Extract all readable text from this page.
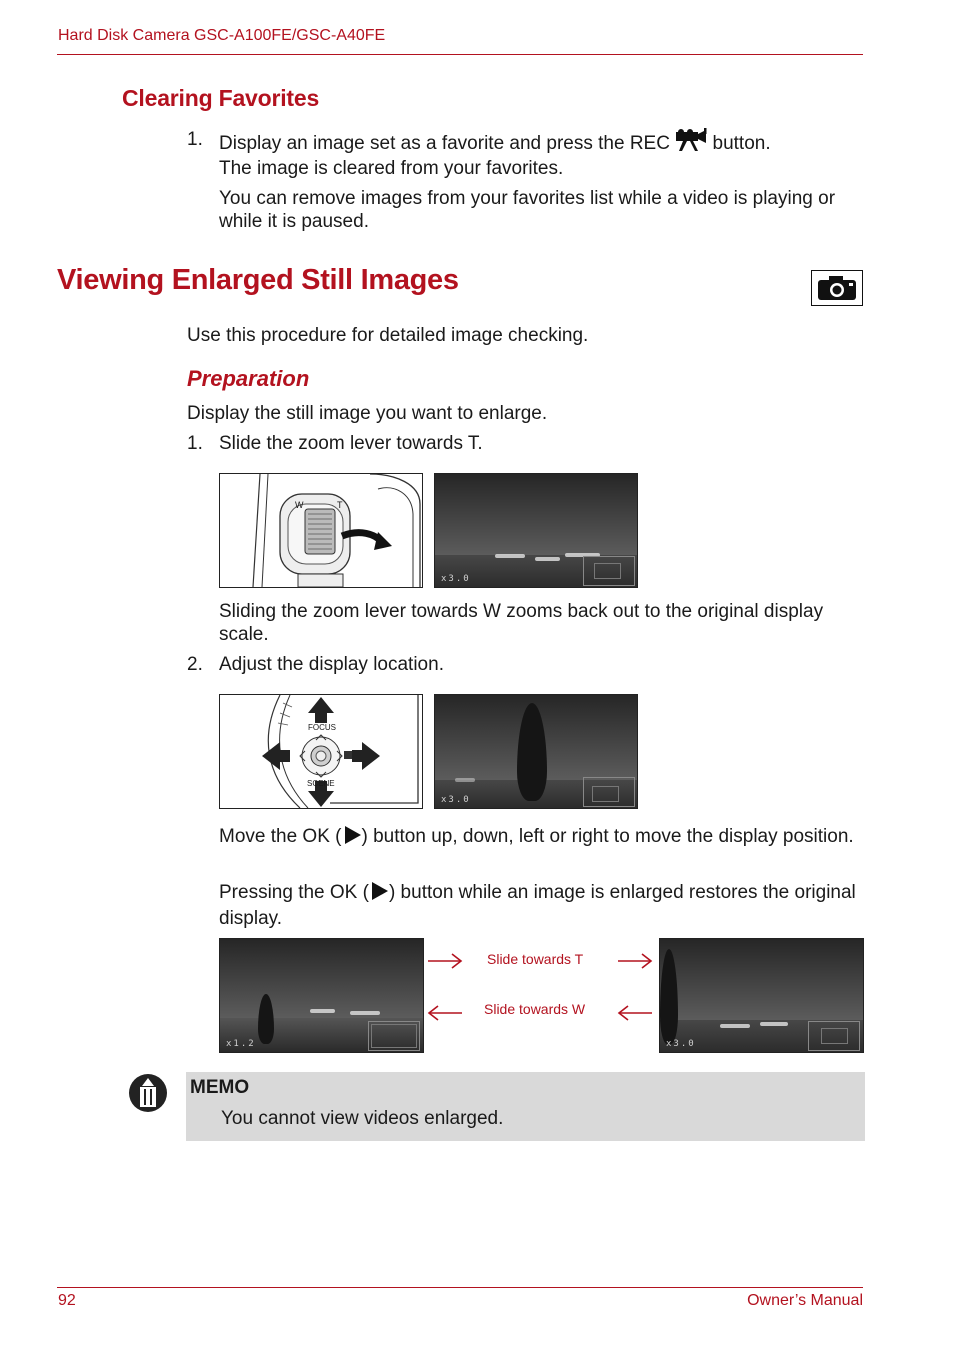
Hard Disk Camera GSC-A100FE/GSC-A40FE
Clearing Favorites
1. Display an image set as a favorite and press the REC button.
The image is cleared from your favorites.
You can remove images from your favorites list while a video is playing or while it is paused.
Viewing Enlarged Still Images
Use this procedure for detailed image checking.
Preparation
Display the still image you want to enlarge.
1. Slide the zoom lever towards T.
W	T
x3.0
Sliding the zoom lever towards W zooms back out to the original display scale.
2. Adjust the display location.
FOCUS
SCENE
x3.0
Move the OK ( ) button up, down, left or right to move the display position.
Pressing the OK ( ) button while an image is enlarged restores the original display.
x1.2
Slide towards T
Slide towards W
x3.0
MEMO
You cannot view videos enlarged.
92	Owner’s Manual
